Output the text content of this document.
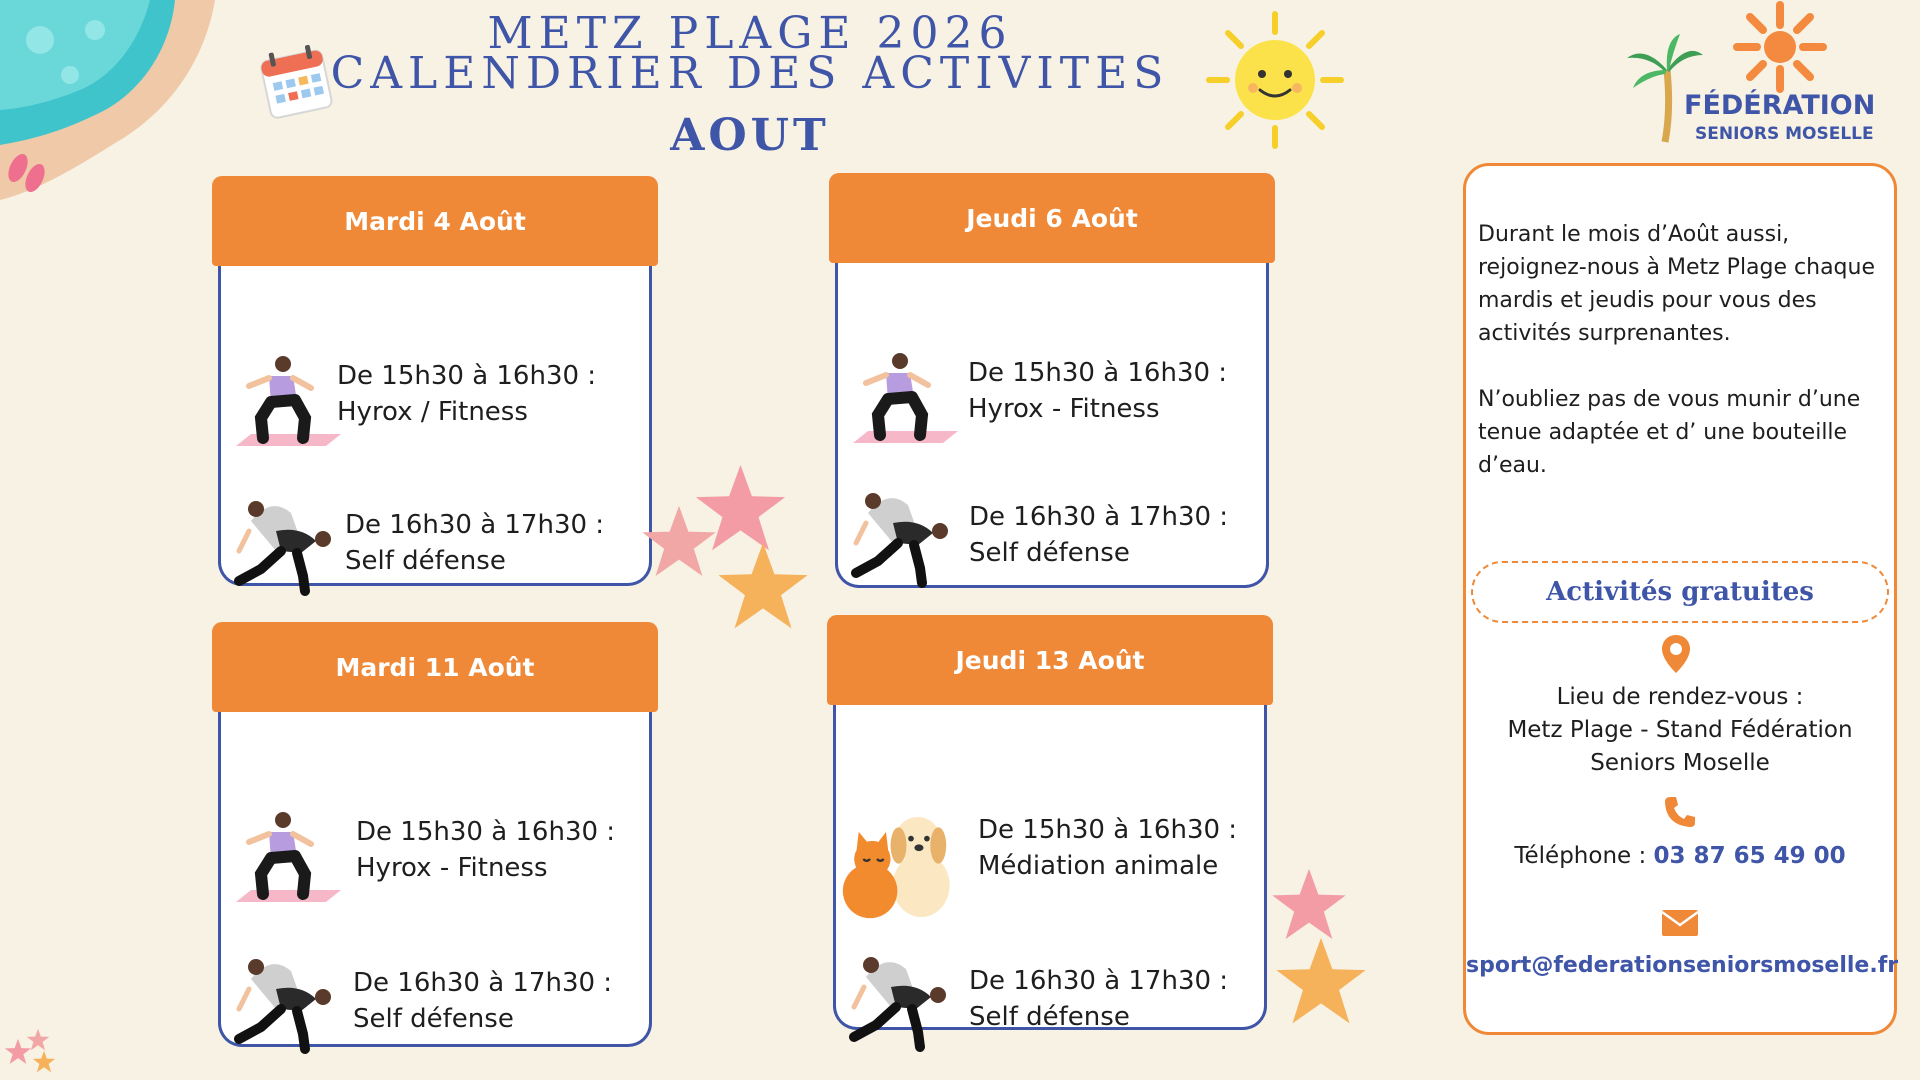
METZ PLAGE 2026
CALENDRIER DES ACTIVITES
AOUT
FÉDÉRATION
SENIORS MOSELLE
De 15h30 à 16h30 :
Hyrox / Fitness
De 16h30 à 17h30 :
Self défense
Mardi 4 Août
De 15h30 à 16h30 :
Hyrox - Fitness
De 16h30 à 17h30 :
Self défense
Jeudi 6 Août
De 15h30 à 16h30 :
Hyrox - Fitness
De 16h30 à 17h30 :
Self défense
Mardi 11 Août
De 15h30 à 16h30 :
Médiation animale
De 16h30 à 17h30 :
Self défense
Jeudi 13 Août
Durant le mois d’Août aussi,
rejoignez-nous à Metz Plage chaque
mardis et jeudis pour vous des
activités surprenantes.
N’oubliez pas de vous munir d’une
tenue adaptée et d’ une bouteille
d’eau.
Activités gratuites
Lieu de rendez-vous :
Metz Plage - Stand Fédération
Seniors Moselle
Téléphone : 03 87 65 49 00
sport@federationseniorsmoselle.fr
